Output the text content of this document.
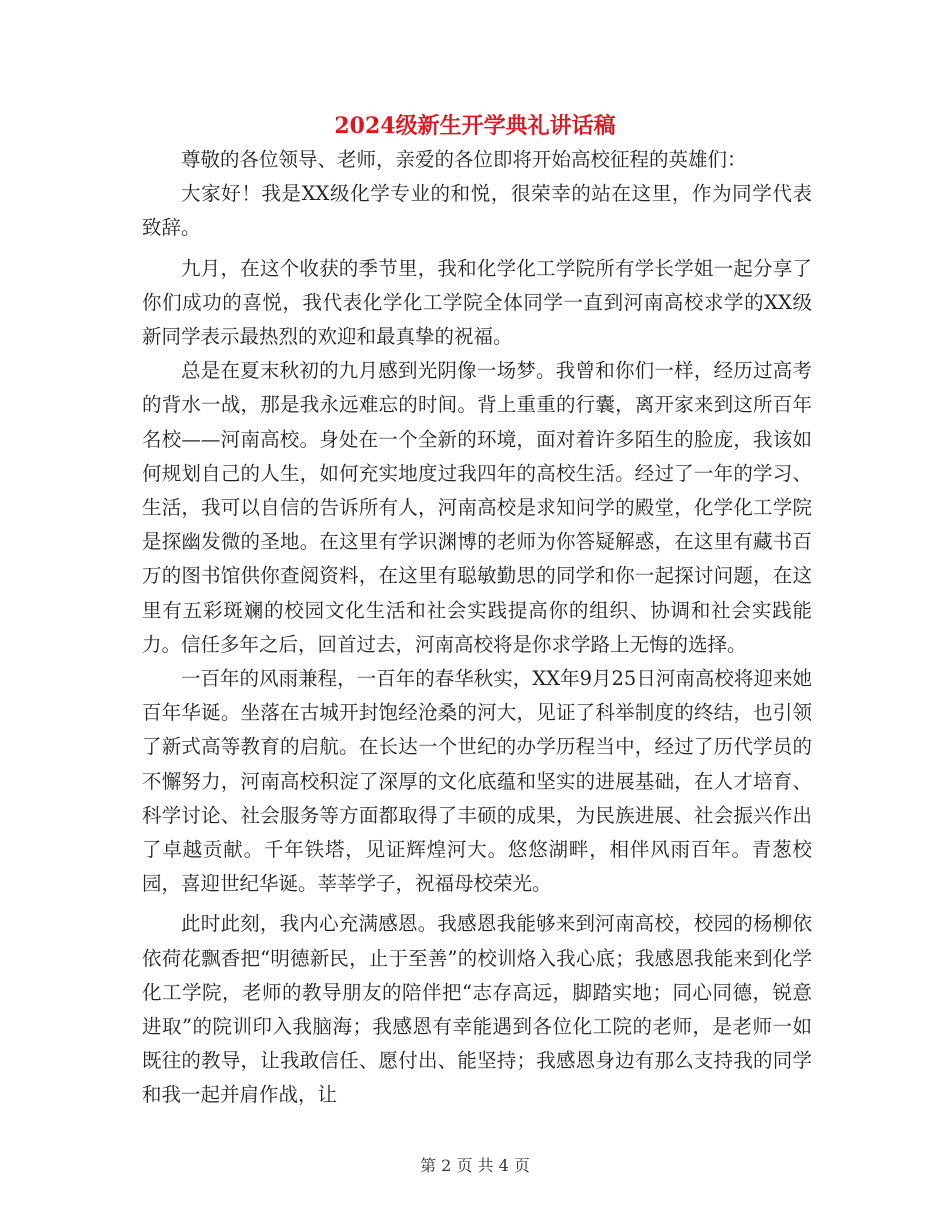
2024级新生开学典礼讲话稿

尊敬的各位领导、老师，亲爱的各位即将开始高校征程的英雄们：

大家好！我是XX级化学专业的和悦，很荣幸的站在这里，作为同学代表致辞。

九月，在这个收获的季节里，我和化学化工学院所有学长学姐一起分享了你们成功的喜悦，我代表化学化工学院全体同学一直到河南高校求学的XX级新同学表示最热烈的欢迎和最真挚的祝福。

总是在夏末秋初的九月感到光阴像一场梦。我曾和你们一样，经历过高考的背水一战，那是我永远难忘的时间。背上重重的行囊，离开家来到这所百年名校——河南高校。身处在一个全新的环境，面对着许多陌生的脸庞，我该如何规划自己的人生，如何充实地度过我四年的高校生活。经过了一年的学习、生活，我可以自信的告诉所有人，河南高校是求知问学的殿堂，化学化工学院是探幽发微的圣地。在这里有学识渊博的老师为你答疑解惑，在这里有藏书百万的图书馆供你查阅资料，在这里有聪敏勤思的同学和你一起探讨问题，在这里有五彩斑斓的校园文化生活和社会实践提高你的组织、协调和社会实践能力。信任多年之后，回首过去，河南高校将是你求学路上无悔的选择。

一百年的风雨兼程，一百年的春华秋实，XX年9月25日河南高校将迎来她百年华诞。坐落在古城开封饱经沧桑的河大，见证了科举制度的终结，也引领了新式高等教育的启航。在长达一个世纪的办学历程当中，经过了历代学员的不懈努力，河南高校积淀了深厚的文化底蕴和坚实的进展基础，在人才培育、科学讨论、社会服务等方面都取得了丰硕的成果，为民族进展、社会振兴作出了卓越贡献。千年铁塔，见证辉煌河大。悠悠湖畔，相伴风雨百年。青葱校园，喜迎世纪华诞。莘莘学子，祝福母校荣光。

此时此刻，我内心充满感恩。我感恩我能够来到河南高校，校园的杨柳依依荷花飘香把“明德新民，止于至善”的校训烙入我心底；我感恩我能来到化学化工学院，老师的教导朋友的陪伴把“志存高远，脚踏实地；同心同德，锐意进取”的院训印入我脑海；我感恩有幸能遇到各位化工院的老师，是老师一如既往的教导，让我敢信任、愿付出、能坚持；我感恩身边有那么支持我的同学和我一起并肩作战，让

第 2 页 共 4 页
